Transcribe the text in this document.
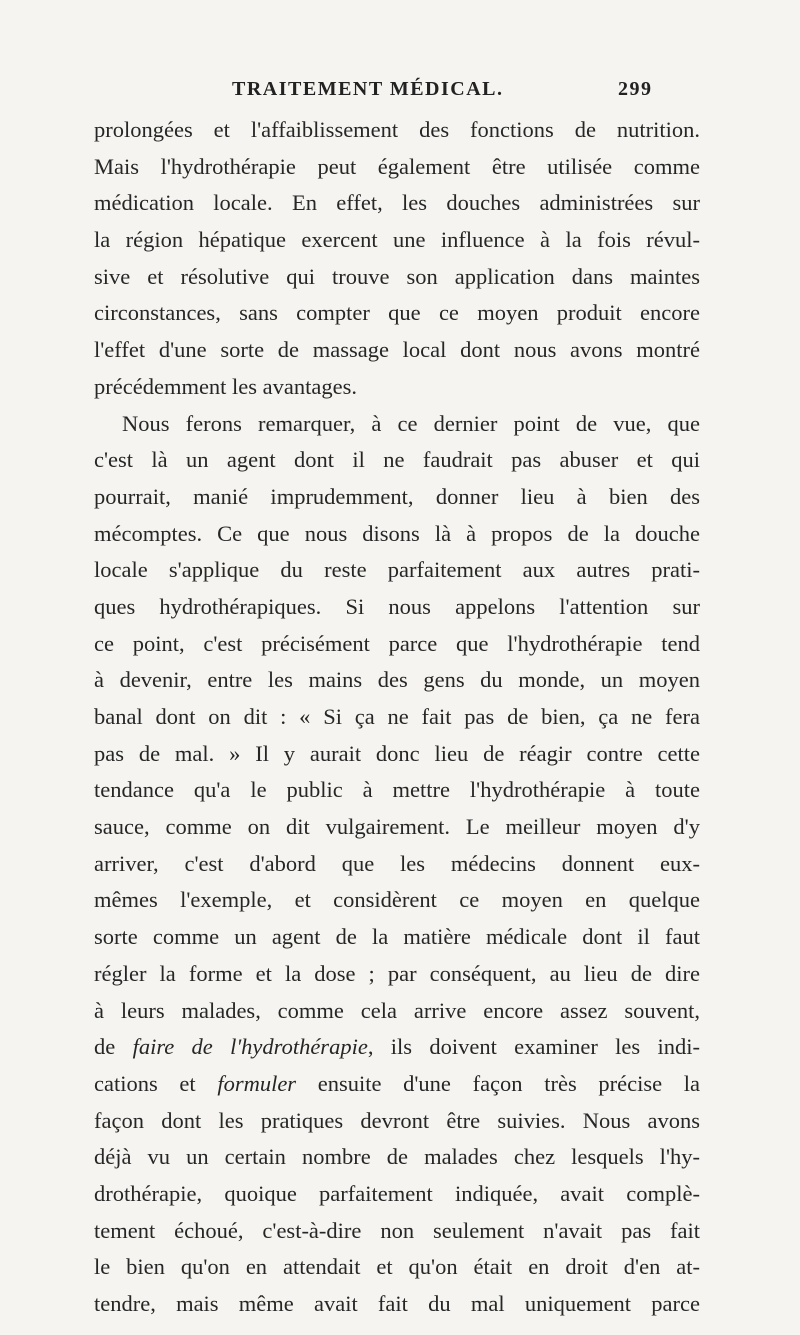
TRAITEMENT MÉDICAL.	299
prolongées et l'affaiblissement des fonctions de nutrition.
Mais l'hydrothérapie peut également être utilisée comme
médication locale. En effet, les douches administrées sur
la région hépatique exercent une influence à la fois révul-
sive et résolutive qui trouve son application dans maintes
circonstances, sans compter que ce moyen produit encore
l'effet d'une sorte de massage local dont nous avons montré
précédemment les avantages.
Nous ferons remarquer, à ce dernier point de vue, que
c'est là un agent dont il ne faudrait pas abuser et qui
pourrait, manié imprudemment, donner lieu à bien des
mécomptes. Ce que nous disons là à propos de la douche
locale s'applique du reste parfaitement aux autres prati-
ques hydrothérapiques. Si nous appelons l'attention sur
ce point, c'est précisément parce que l'hydrothérapie tend
à devenir, entre les mains des gens du monde, un moyen
banal dont on dit : « Si ça ne fait pas de bien, ça ne fera
pas de mal. » Il y aurait donc lieu de réagir contre cette
tendance qu'a le public à mettre l'hydrothérapie à toute
sauce, comme on dit vulgairement. Le meilleur moyen d'y
arriver, c'est d'abord que les médecins donnent eux-
mêmes l'exemple, et considèrent ce moyen en quelque
sorte comme un agent de la matière médicale dont il faut
régler la forme et la dose ; par conséquent, au lieu de dire
à leurs malades, comme cela arrive encore assez souvent,
de faire de l'hydrothérapie, ils doivent examiner les indi-
cations et formuler ensuite d'une façon très précise la
façon dont les pratiques devront être suivies. Nous avons
déjà vu un certain nombre de malades chez lesquels l'hy-
drothérapie, quoique parfaitement indiquée, avait complè-
tement échoué, c'est-à-dire non seulement n'avait pas fait
le bien qu'on en attendait et qu'on était en droit d'en at-
tendre, mais même avait fait du mal uniquement parce
